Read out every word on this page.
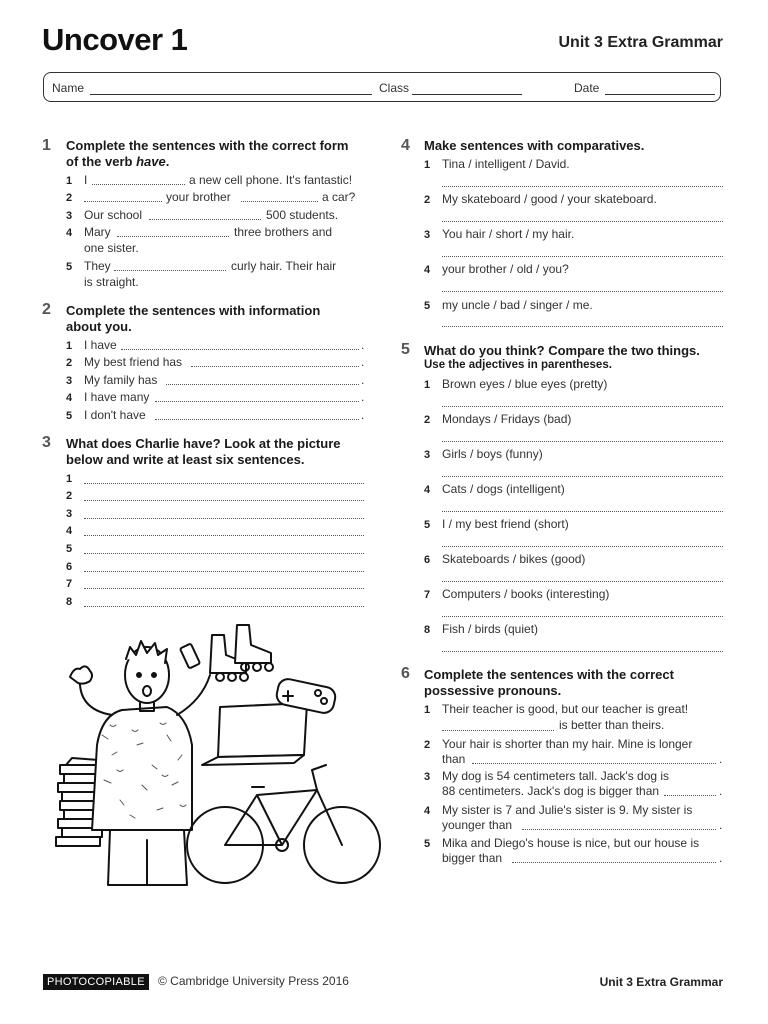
Uncover 1	Unit 3 Extra Grammar
Name	Class	Date
1 Complete the sentences with the correct form
of the verb have.
1 I	a new cell phone. It's fantastic!
2	your brother	a car?
3 Our school	500 students.
4 Mary	three brothers and
one sister.
5 They	curly hair. Their hair
is straight.
2 Complete the sentences with information
about you.
1 I have	.
2 My best friend has	.
3 My family has	.
4 I have many	.
5 I don't have	.
3 What does Charlie have? Look at the picture
below and write at least six sentences.
1
2
3
4
5
6
7
8
4 Make sentences with comparatives.
1 Tina / intelligent / David.
2 My skateboard / good / your skateboard.
3 You hair / short / my hair.
4 your brother / old / you?
5 my uncle / bad / singer / me.
5 What do you think? Compare the two things.
Use the adjectives in parentheses.
1 Brown eyes / blue eyes (pretty)
2 Mondays / Fridays (bad)
3 Girls / boys (funny)
4 Cats / dogs (intelligent)
5 I / my best friend (short)
6 Skateboards / bikes (good)
7 Computers / books (interesting)
8 Fish / birds (quiet)
6 Complete the sentences with the correct
possessive pronouns.
1 Their teacher is good, but our teacher is great!
is better than theirs.
2 Your hair is shorter than my hair. Mine is longer
than	.
3 My dog is 54 centimeters tall. Jack's dog is
88 centimeters. Jack's dog is bigger than	.
4 My sister is 7 and Julie's sister is 9. My sister is
younger than	.
5 Mika and Diego's house is nice, but our house is
bigger than	.
PHOTOCOPIABLE	© Cambridge University Press 2016	Unit 3 Extra Grammar
